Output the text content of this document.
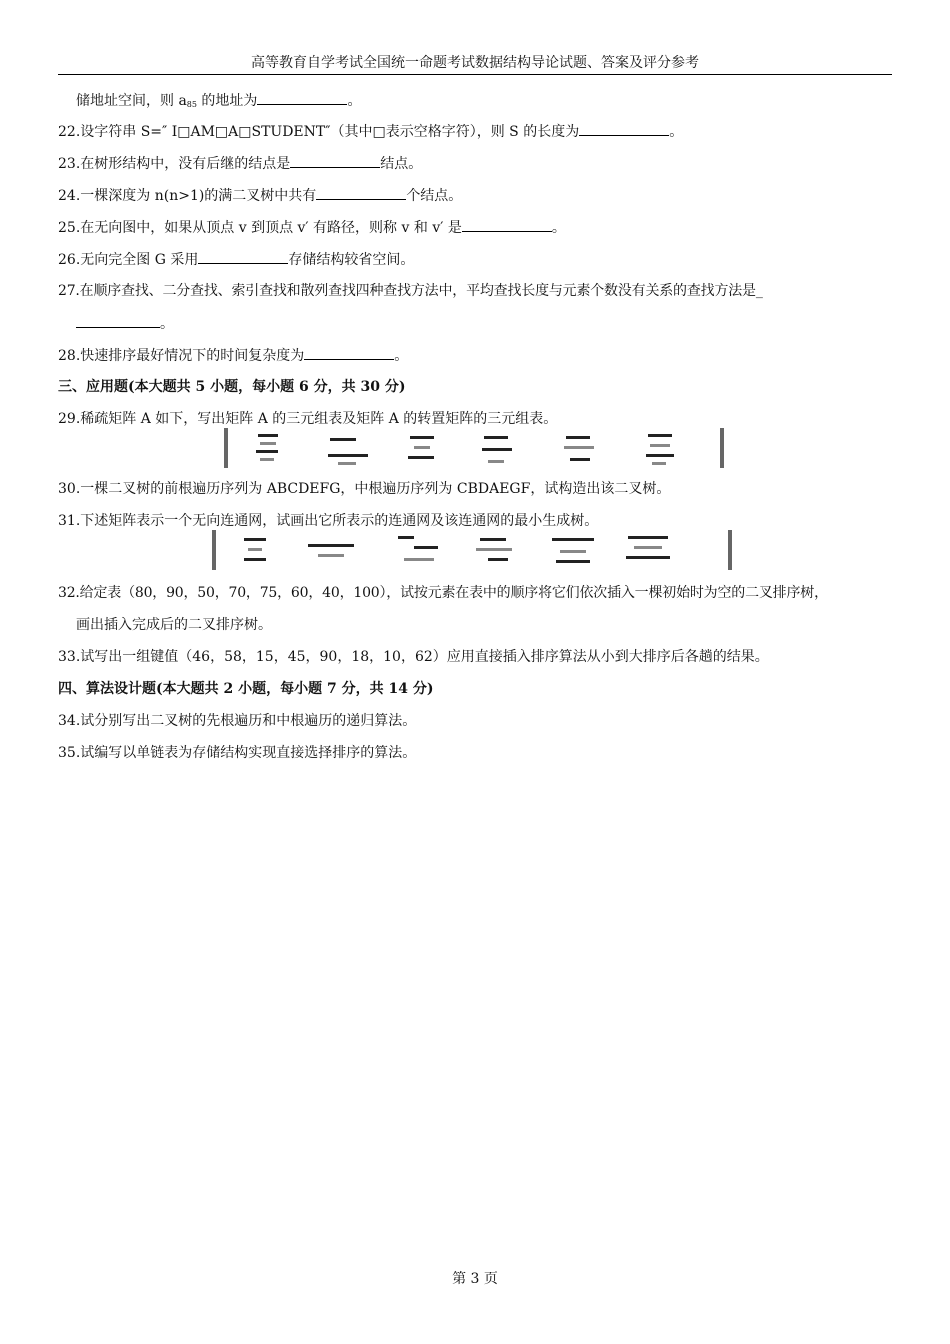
高等教育自学考试全国统一命题考试数据结构导论试题、答案及评分参考
储地址空间，则 $a_{85}$ 的地址为	。
22.设字符串 S=″ I□AM□A□STUDENT″（其中□表示空格字符），则 S 的长度为	。
23.在树形结构中，没有后继的结点是	结点。
24.一棵深度为 n(n>1)的满二叉树中共有	个结点。
25.在无向图中，如果从顶点 v 到顶点 v′ 有路径，则称 v 和 v′ 是	。
26.无向完全图 G 采用	存储结构较省空间。
27.在顺序查找、二分查找、索引查找和散列查找四种查找方法中，平均查找长度与元素个数没有关系的查找方法是_
。
28.快速排序最好情况下的时间复杂度为	。
三、应用题(本大题共 5 小题，每小题 6 分，共 30 分)
29.稀疏矩阵 A 如下，写出矩阵 A 的三元组表及矩阵 A 的转置矩阵的三元组表。
30.一棵二叉树的前根遍历序列为 ABCDEFG，中根遍历序列为 CBDAEGF，试构造出该二叉树。
31.下述矩阵表示一个无向连通网，试画出它所表示的连通网及该连通网的最小生成树。
32.给定表（80，90，50，70，75，60，40，100），试按元素在表中的顺序将它们依次插入一棵初始时为空的二叉排序树，
画出插入完成后的二叉排序树。
33.试写出一组键值（46，58，15，45，90，18，10，62）应用直接插入排序算法从小到大排序后各趟的结果。
四、算法设计题(本大题共 2 小题，每小题 7 分，共 14 分)
34.试分别写出二叉树的先根遍历和中根遍历的递归算法。
35.试编写以单链表为存储结构实现直接选择排序的算法。
第 3 页
